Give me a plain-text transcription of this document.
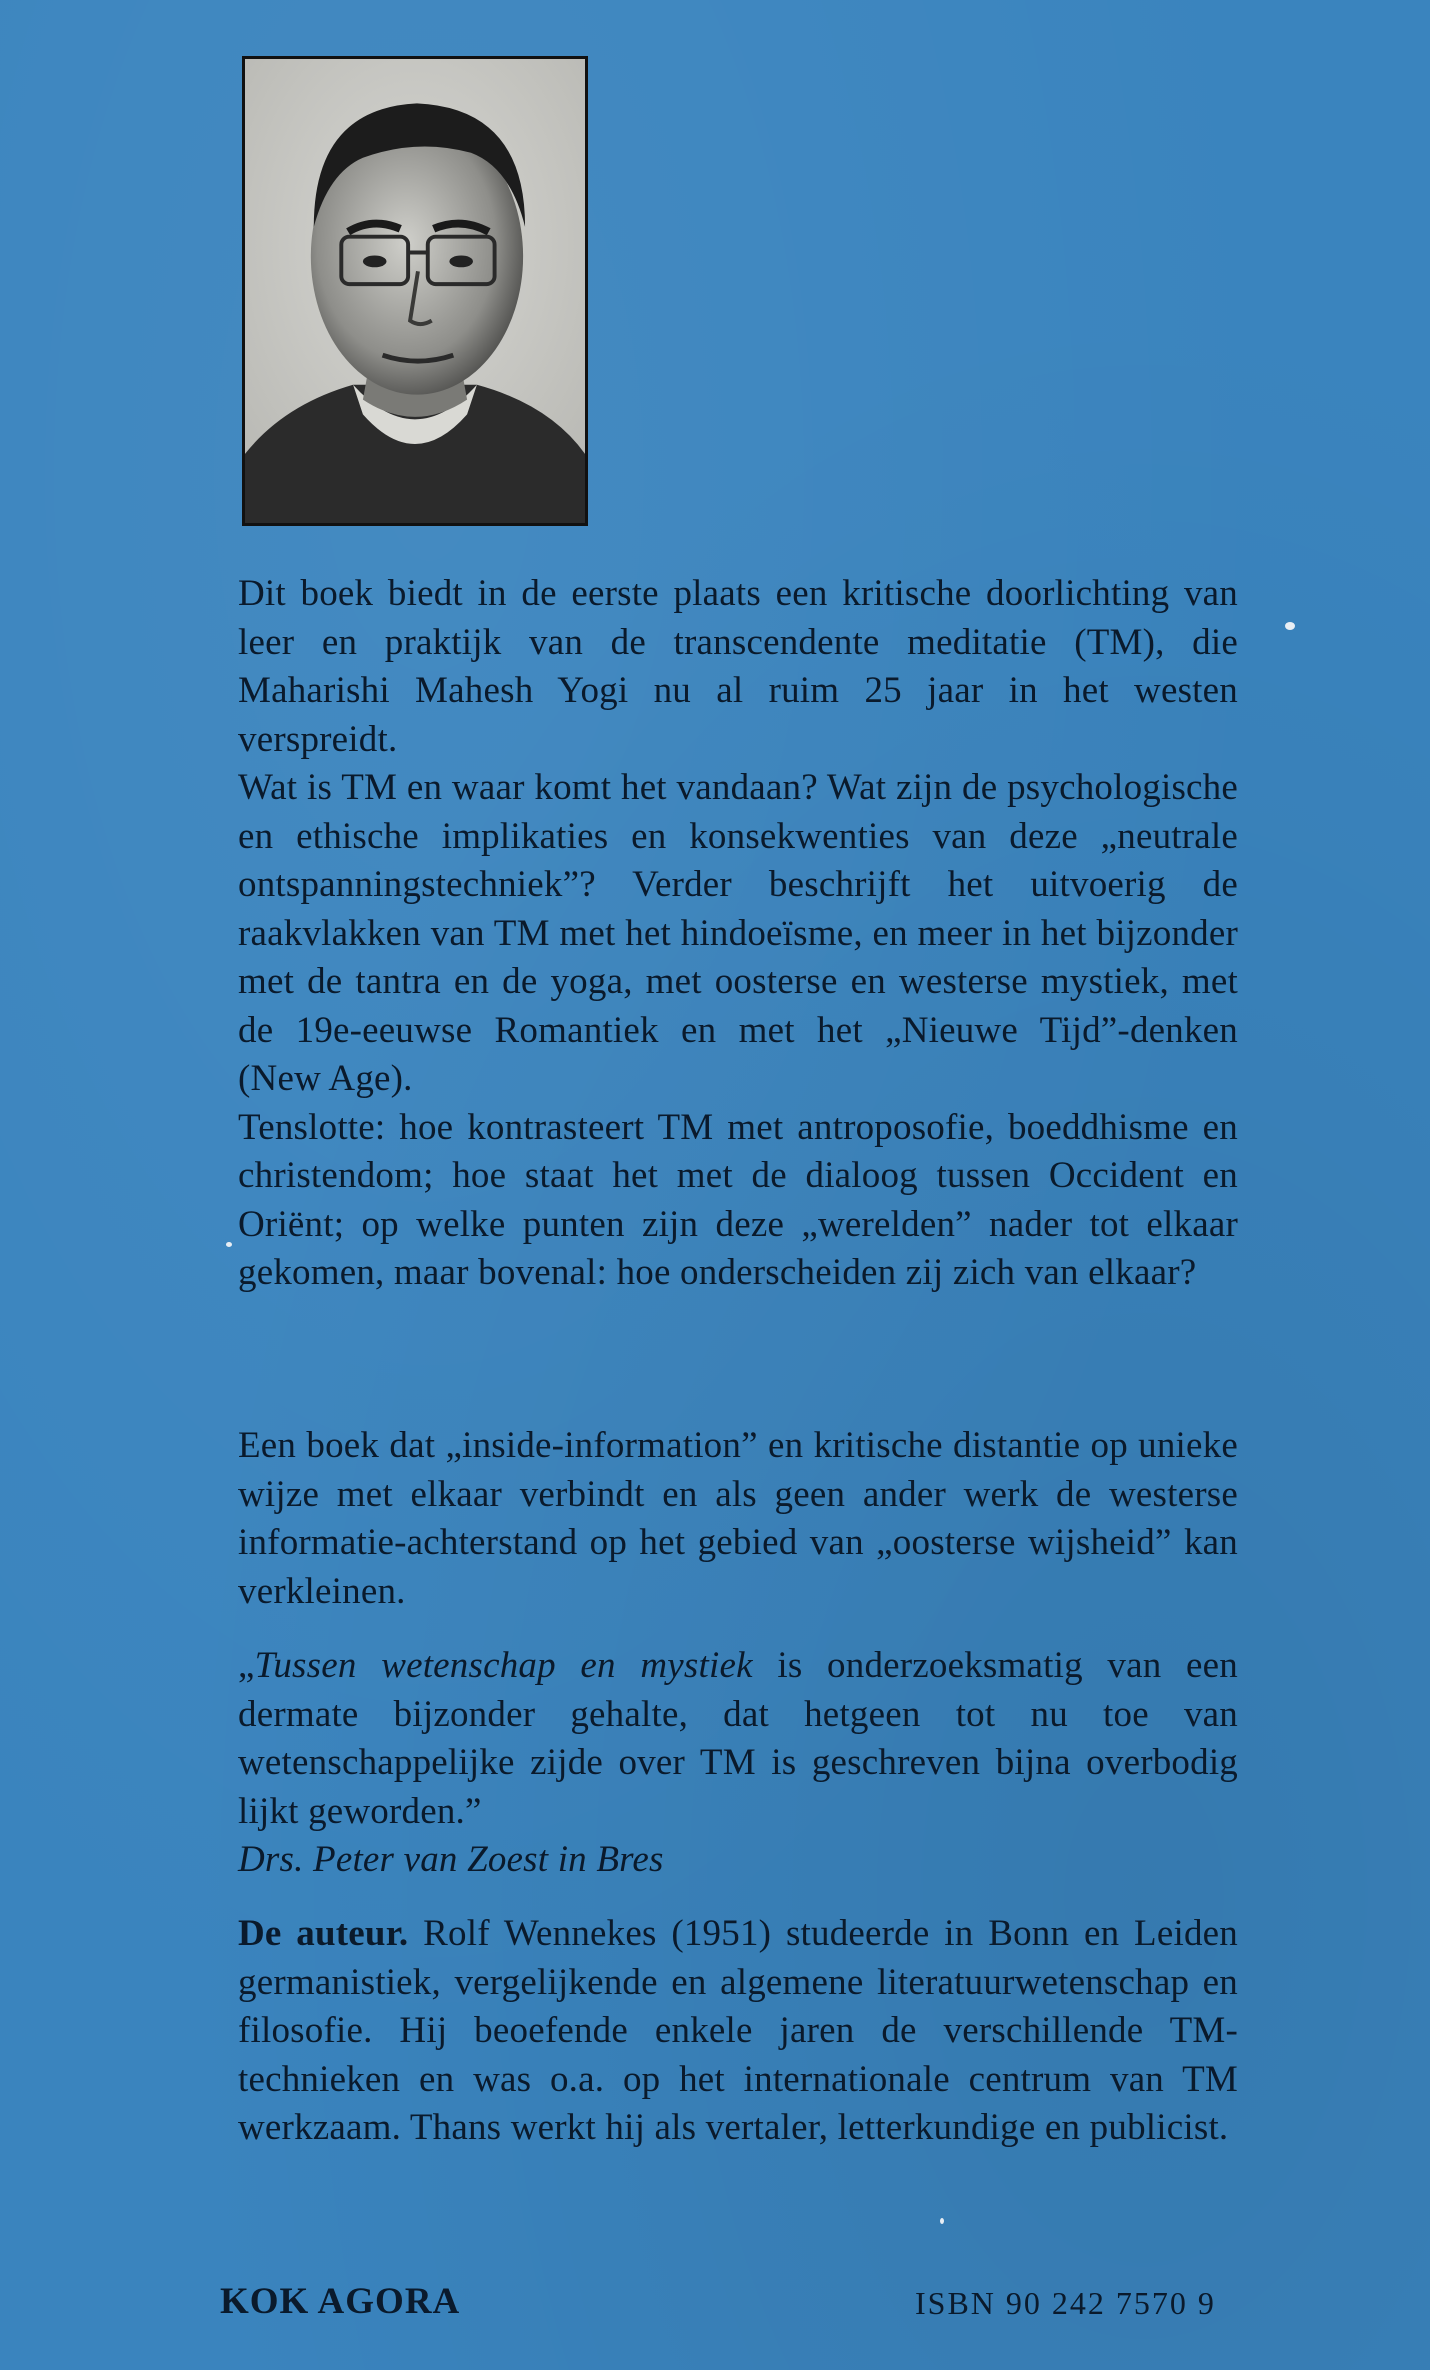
Dit boek biedt in de eerste plaats een kritische doorlichting van leer en praktijk van de transcendente meditatie (TM), die Maharishi Mahesh Yogi nu al ruim 25 jaar in het westen verspreidt.

Wat is TM en waar komt het vandaan? Wat zijn de psychologische en ethische implikaties en konsekwenties van deze „neutrale ontspanningstechniek”? Verder beschrijft het uitvoerig de raakvlakken van TM met het hindoeïsme, en meer in het bijzonder met de tantra en de yoga, met oosterse en westerse mystiek, met de 19e-eeuwse Romantiek en met het „Nieuwe Tijd”-denken (New Age).

Tenslotte: hoe kontrasteert TM met antroposofie, boeddhisme en christendom; hoe staat het met de dialoog tussen Occident en Oriënt; op welke punten zijn deze „werelden” nader tot elkaar gekomen, maar bovenal: hoe onderscheiden zij zich van elkaar?

Een boek dat „inside-information” en kritische distantie op unieke wijze met elkaar verbindt en als geen ander werk de westerse informatie-achterstand op het gebied van „oosterse wijsheid” kan verkleinen.

„Tussen wetenschap en mystiek is onderzoeksmatig van een dermate bijzonder gehalte, dat hetgeen tot nu toe van wetenschappelijke zijde over TM is geschreven bijna overbodig lijkt geworden.”

Drs. Peter van Zoest in Bres

De auteur. Rolf Wennekes (1951) studeerde in Bonn en Leiden germanistiek, vergelijkende en algemene literatuurwetenschap en filosofie. Hij beoefende enkele jaren de verschillende TM-technieken en was o.a. op het internationale centrum van TM werkzaam. Thans werkt hij als vertaler, letterkundige en publicist.

KOK AGORA	ISBN 90 242 7570 9
